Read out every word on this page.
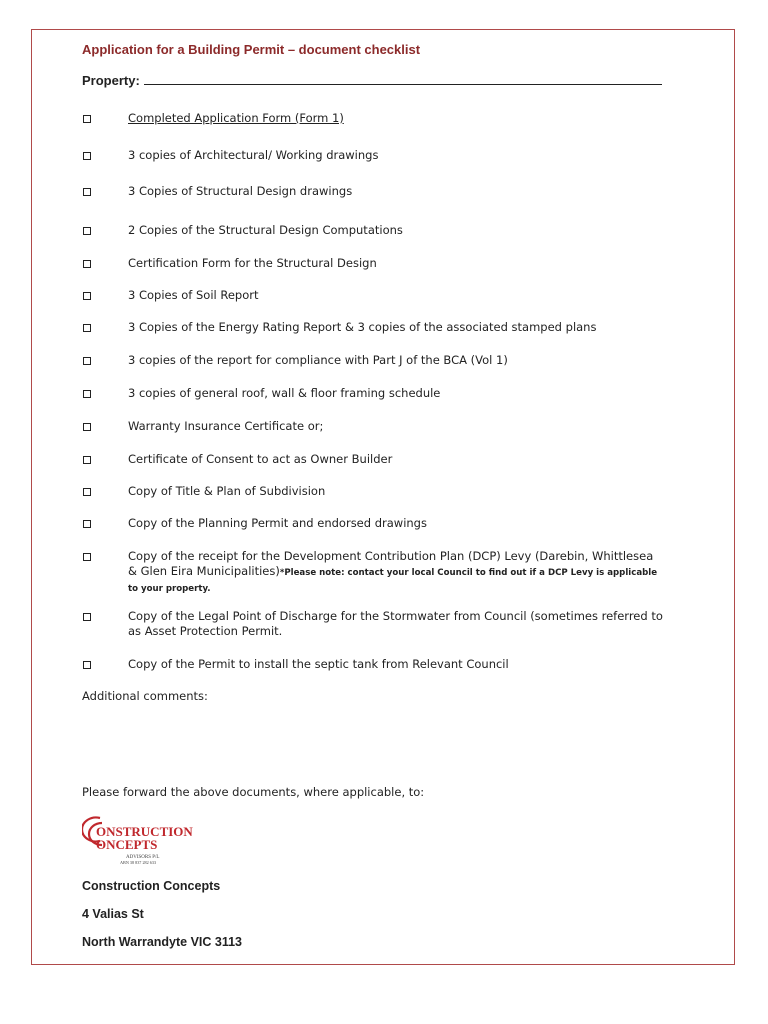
Application for a Building Permit – document checklist
Property:
Completed Application Form (Form 1)
3 copies of Architectural/ Working drawings
3 Copies of Structural Design drawings
2 Copies of the Structural Design Computations
Certification Form for the Structural Design
3 Copies of Soil Report
3 Copies of the Energy Rating Report & 3 copies of the associated stamped plans
3 copies of the report for compliance with Part J of the BCA (Vol 1)
3 copies of general roof, wall & floor framing schedule
Warranty Insurance Certificate or;
Certificate of Consent to act as Owner Builder
Copy of Title & Plan of Subdivision
Copy of the Planning Permit and endorsed drawings
Copy of the receipt for the Development Contribution Plan (DCP) Levy (Darebin, Whittlesea & Glen Eira Municipalities)*Please note: contact your local Council to find out if a DCP Levy is applicable to your property.
Copy of the Legal Point of Discharge for the Stormwater from Council (sometimes referred to as Asset Protection Permit.
Copy of the Permit to install the septic tank from Relevant Council
Additional comments:
Please forward the above documents, where applicable, to:
ONSTRUCTION
ONCEPTS
ADVISORS P/L
ABN 38 837 282 633
Construction Concepts
4 Valias St
North Warrandyte VIC 3113
